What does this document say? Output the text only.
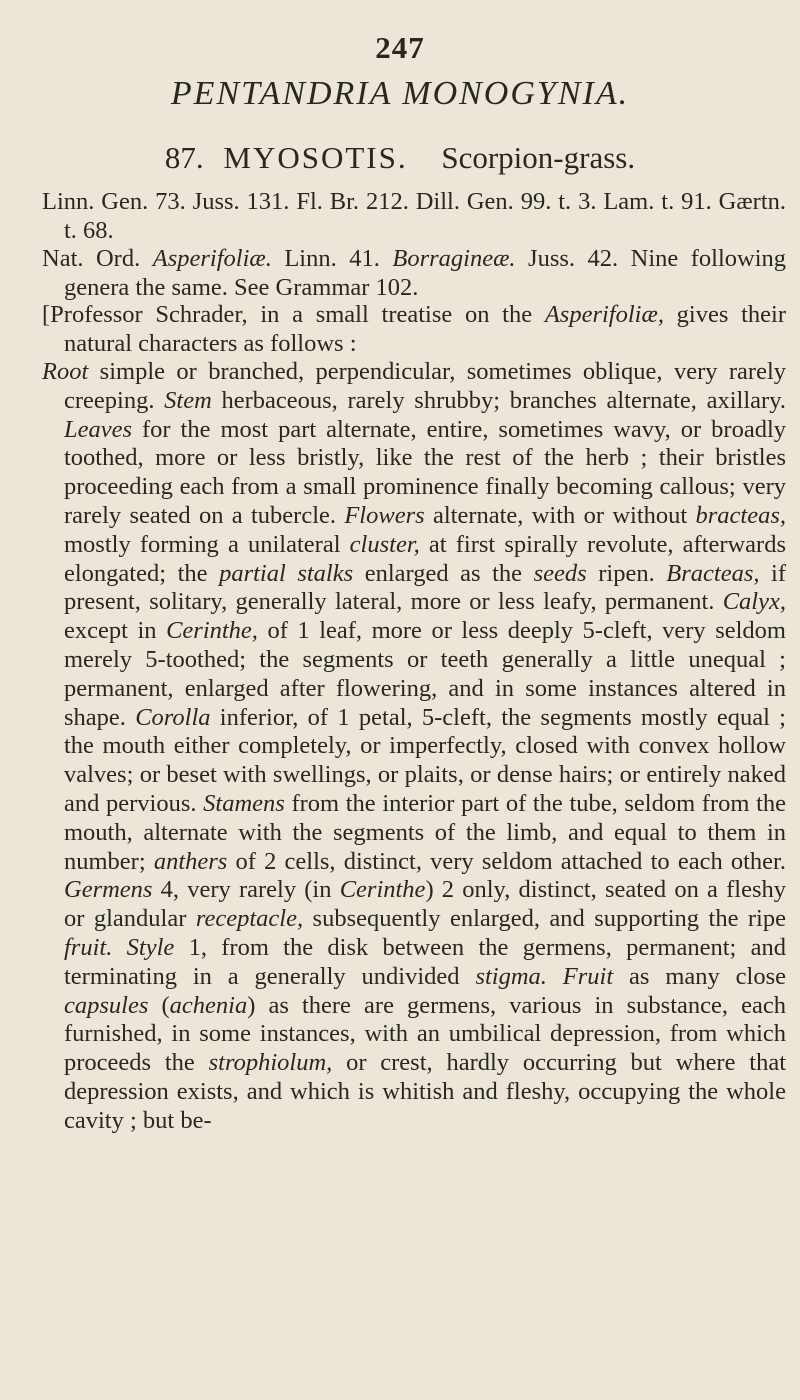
247
PENTANDRIA MONOGYNIA.
87. MYOSOTIS. Scorpion-grass.
Linn. Gen. 73. Juss. 131. Fl. Br. 212. Dill. Gen. 99. t. 3. Lam. t. 91. Gærtn. t. 68.
Nat. Ord. Asperifoliæ. Linn. 41. Borragineæ. Juss. 42. Nine following genera the same. See Grammar 102.
[Professor Schrader, in a small treatise on the Asperifoliæ, gives their natural characters as follows :
Root simple or branched, perpendicular, sometimes oblique, very rarely creeping. Stem herbaceous, rarely shrubby; branches alternate, axillary. Leaves for the most part alternate, entire, sometimes wavy, or broadly toothed, more or less bristly, like the rest of the herb ; their bristles proceeding each from a small prominence finally becoming callous; very rarely seated on a tubercle. Flowers alternate, with or without bracteas, mostly forming a unilateral cluster, at first spirally revolute, afterwards elongated; the partial stalks enlarged as the seeds ripen. Bracteas, if present, solitary, generally lateral, more or less leafy, permanent. Calyx, except in Cerinthe, of 1 leaf, more or less deeply 5-cleft, very seldom merely 5-toothed; the segments or teeth generally a little unequal ; permanent, enlarged after flowering, and in some instances altered in shape. Corolla inferior, of 1 petal, 5-cleft, the segments mostly equal ; the mouth either completely, or imperfectly, closed with convex hollow valves; or beset with swellings, or plaits, or dense hairs; or entirely naked and pervious. Stamens from the interior part of the tube, seldom from the mouth, alternate with the segments of the limb, and equal to them in number; anthers of 2 cells, distinct, very seldom attached to each other. Germens 4, very rarely (in Cerinthe) 2 only, distinct, seated on a fleshy or glandular receptacle, subsequently enlarged, and supporting the ripe fruit. Style 1, from the disk between the germens, permanent; and terminating in a generally undivided stigma. Fruit as many close capsules (achenia) as there are germens, various in substance, each furnished, in some instances, with an umbilical depression, from which proceeds the strophiolum, or crest, hardly occurring but where that depression exists, and which is whitish and fleshy, occupying the whole cavity ; but be-
